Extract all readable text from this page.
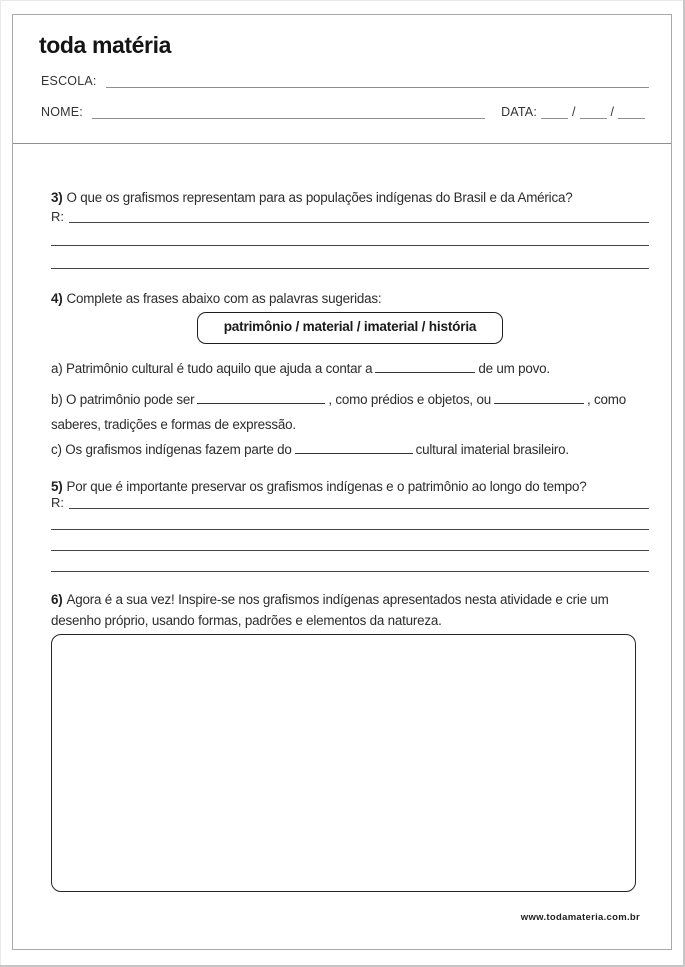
toda matéria
ESCOLA:
NOME:	DATA:	/	/

3) O que os grafismos representam para as populações indígenas do Brasil e da América?

R:

4) Complete as frases abaixo com as palavras sugeridas:

patrimônio / material / imaterial / história

a) Patrimônio cultural é tudo aquilo que ajuda a contar a	de um povo.

b) O patrimônio pode ser	, como prédios e objetos, ou	, como saberes, tradições e formas de expressão.

c) Os grafismos indígenas fazem parte do	cultural imaterial brasileiro.

5) Por que é importante preservar os grafismos indígenas e o patrimônio ao longo do tempo?

R:

6) Agora é a sua vez! Inspire-se nos grafismos indígenas apresentados nesta atividade e crie um desenho próprio, usando formas, padrões e elementos da natureza.

www.todamateria.com.br
